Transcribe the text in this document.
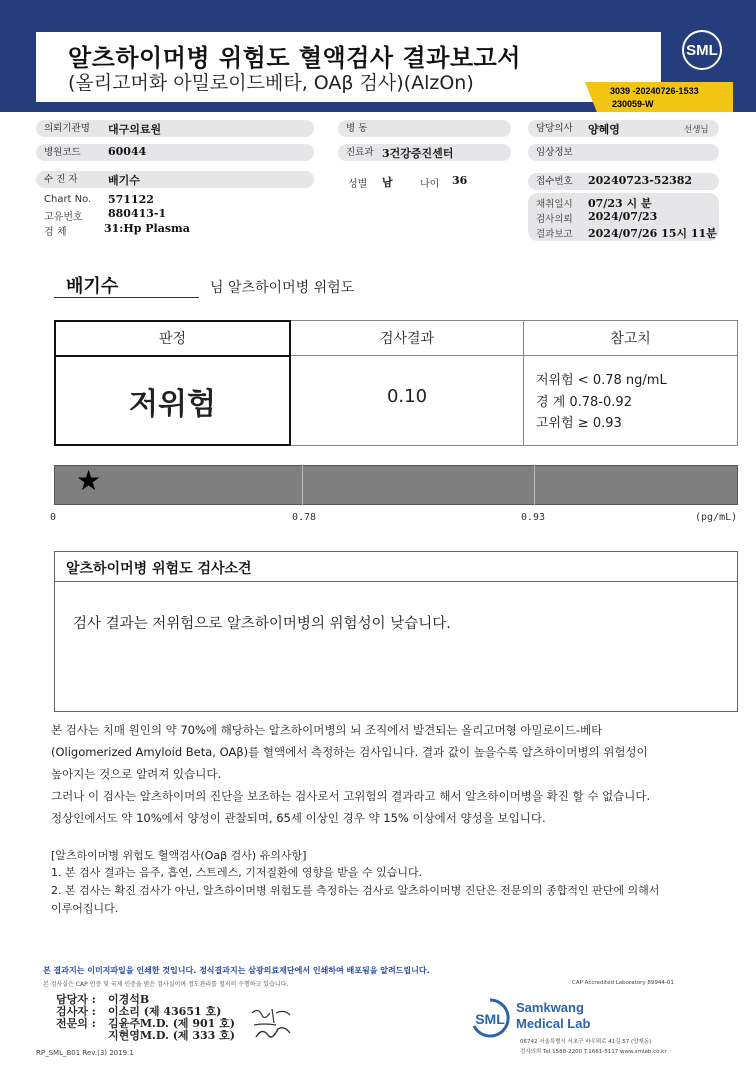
알츠하이머병 위험도 혈액검사 결과보고서
(올리고머화 아밀로이드베타, OAβ 검사)(AlzOn)
SML
3039 -20240726-1533
230059-W
의뢰기관명	대구의료원
병원코드	60044
수 진 자	배기수
Chart No. 571122
고유번호 880413-1
검 체	31:Hp Plasma
병 동
진료과 3건강증진센터
성별 남	나이 36
담당의사	양혜영	선생님
임상정보
접수번호	20240723-52382
채취일시 07/23 시 분
검사의뢰 2024/07/23
결과보고 2024/07/26 15시 11분
배기수	님 알츠하이머병 위험도
판정	검사결과	참고치
저위험	0.10
저위험 < 0.78 ng/mL
경 계 0.78-0.92
고위험 ≥ 0.93
★
0	0.78	0.93	(pg/mL)
알츠하이머병 위험도 검사소견
검사 결과는 저위험으로 알츠하이머병의 위험성이 낮습니다.
본 검사는 치매 원인의 약 70%에 해당하는 알츠하이머병의 뇌 조직에서 발견되는 올리고머형 아밀로이드-베타
(Oligomerized Amyloid Beta, OAβ)를 혈액에서 측정하는 검사입니다. 결과 값이 높을수록 알츠하이머병의 위험성이
높아지는 것으로 알려져 있습니다.
그러나 이 검사는 알츠하이머의 진단을 보조하는 검사로서 고위험의 결과라고 해서 알츠하이머병을 확진 할 수 없습니다.
정상인에서도 약 10%에서 양성이 관찰되며, 65세 이상인 경우 약 15% 이상에서 양성을 보입니다.
[알츠하이머병 위험도 혈액검사(Oaβ 검사) 유의사항]
1. 본 검사 결과는 음주, 흡연, 스트레스, 기저질환에 영향을 받을 수 있습니다.
2. 본 검사는 확진 검사가 아닌, 알츠하이머병 위험도를 측정하는 검사로 알츠하이머병 진단은 전문의의 종합적인 판단에 의해서
이루어집니다.
본 결과지는 이미지파일을 인쇄한 것입니다. 정식결과지는 삼광의료재단에서 인쇄하여 배포됨을 알려드립니다.
본 검사실은 CAP 인증 및 국제 인증을 받은 검사실이며 정도관리를 철저히 수행하고 있습니다.	CAP Accredited Laboratory 89944-01
담당자 : 이경석B
검사자 : 이소리 (제 43651 호)
전문의 : 김윤주M.D. (제 901 호)
지현영M.D. (제 333 호)
SML
Samkwang
Medical Lab
06742 서울특별시 서초구 바우뫼로 41길 57 (양재동)
검사의뢰 Tel 1588-2200 T.1661-5117 www.smlab.co.kr
RP_SML_B01 Rev.(3) 2019.1
